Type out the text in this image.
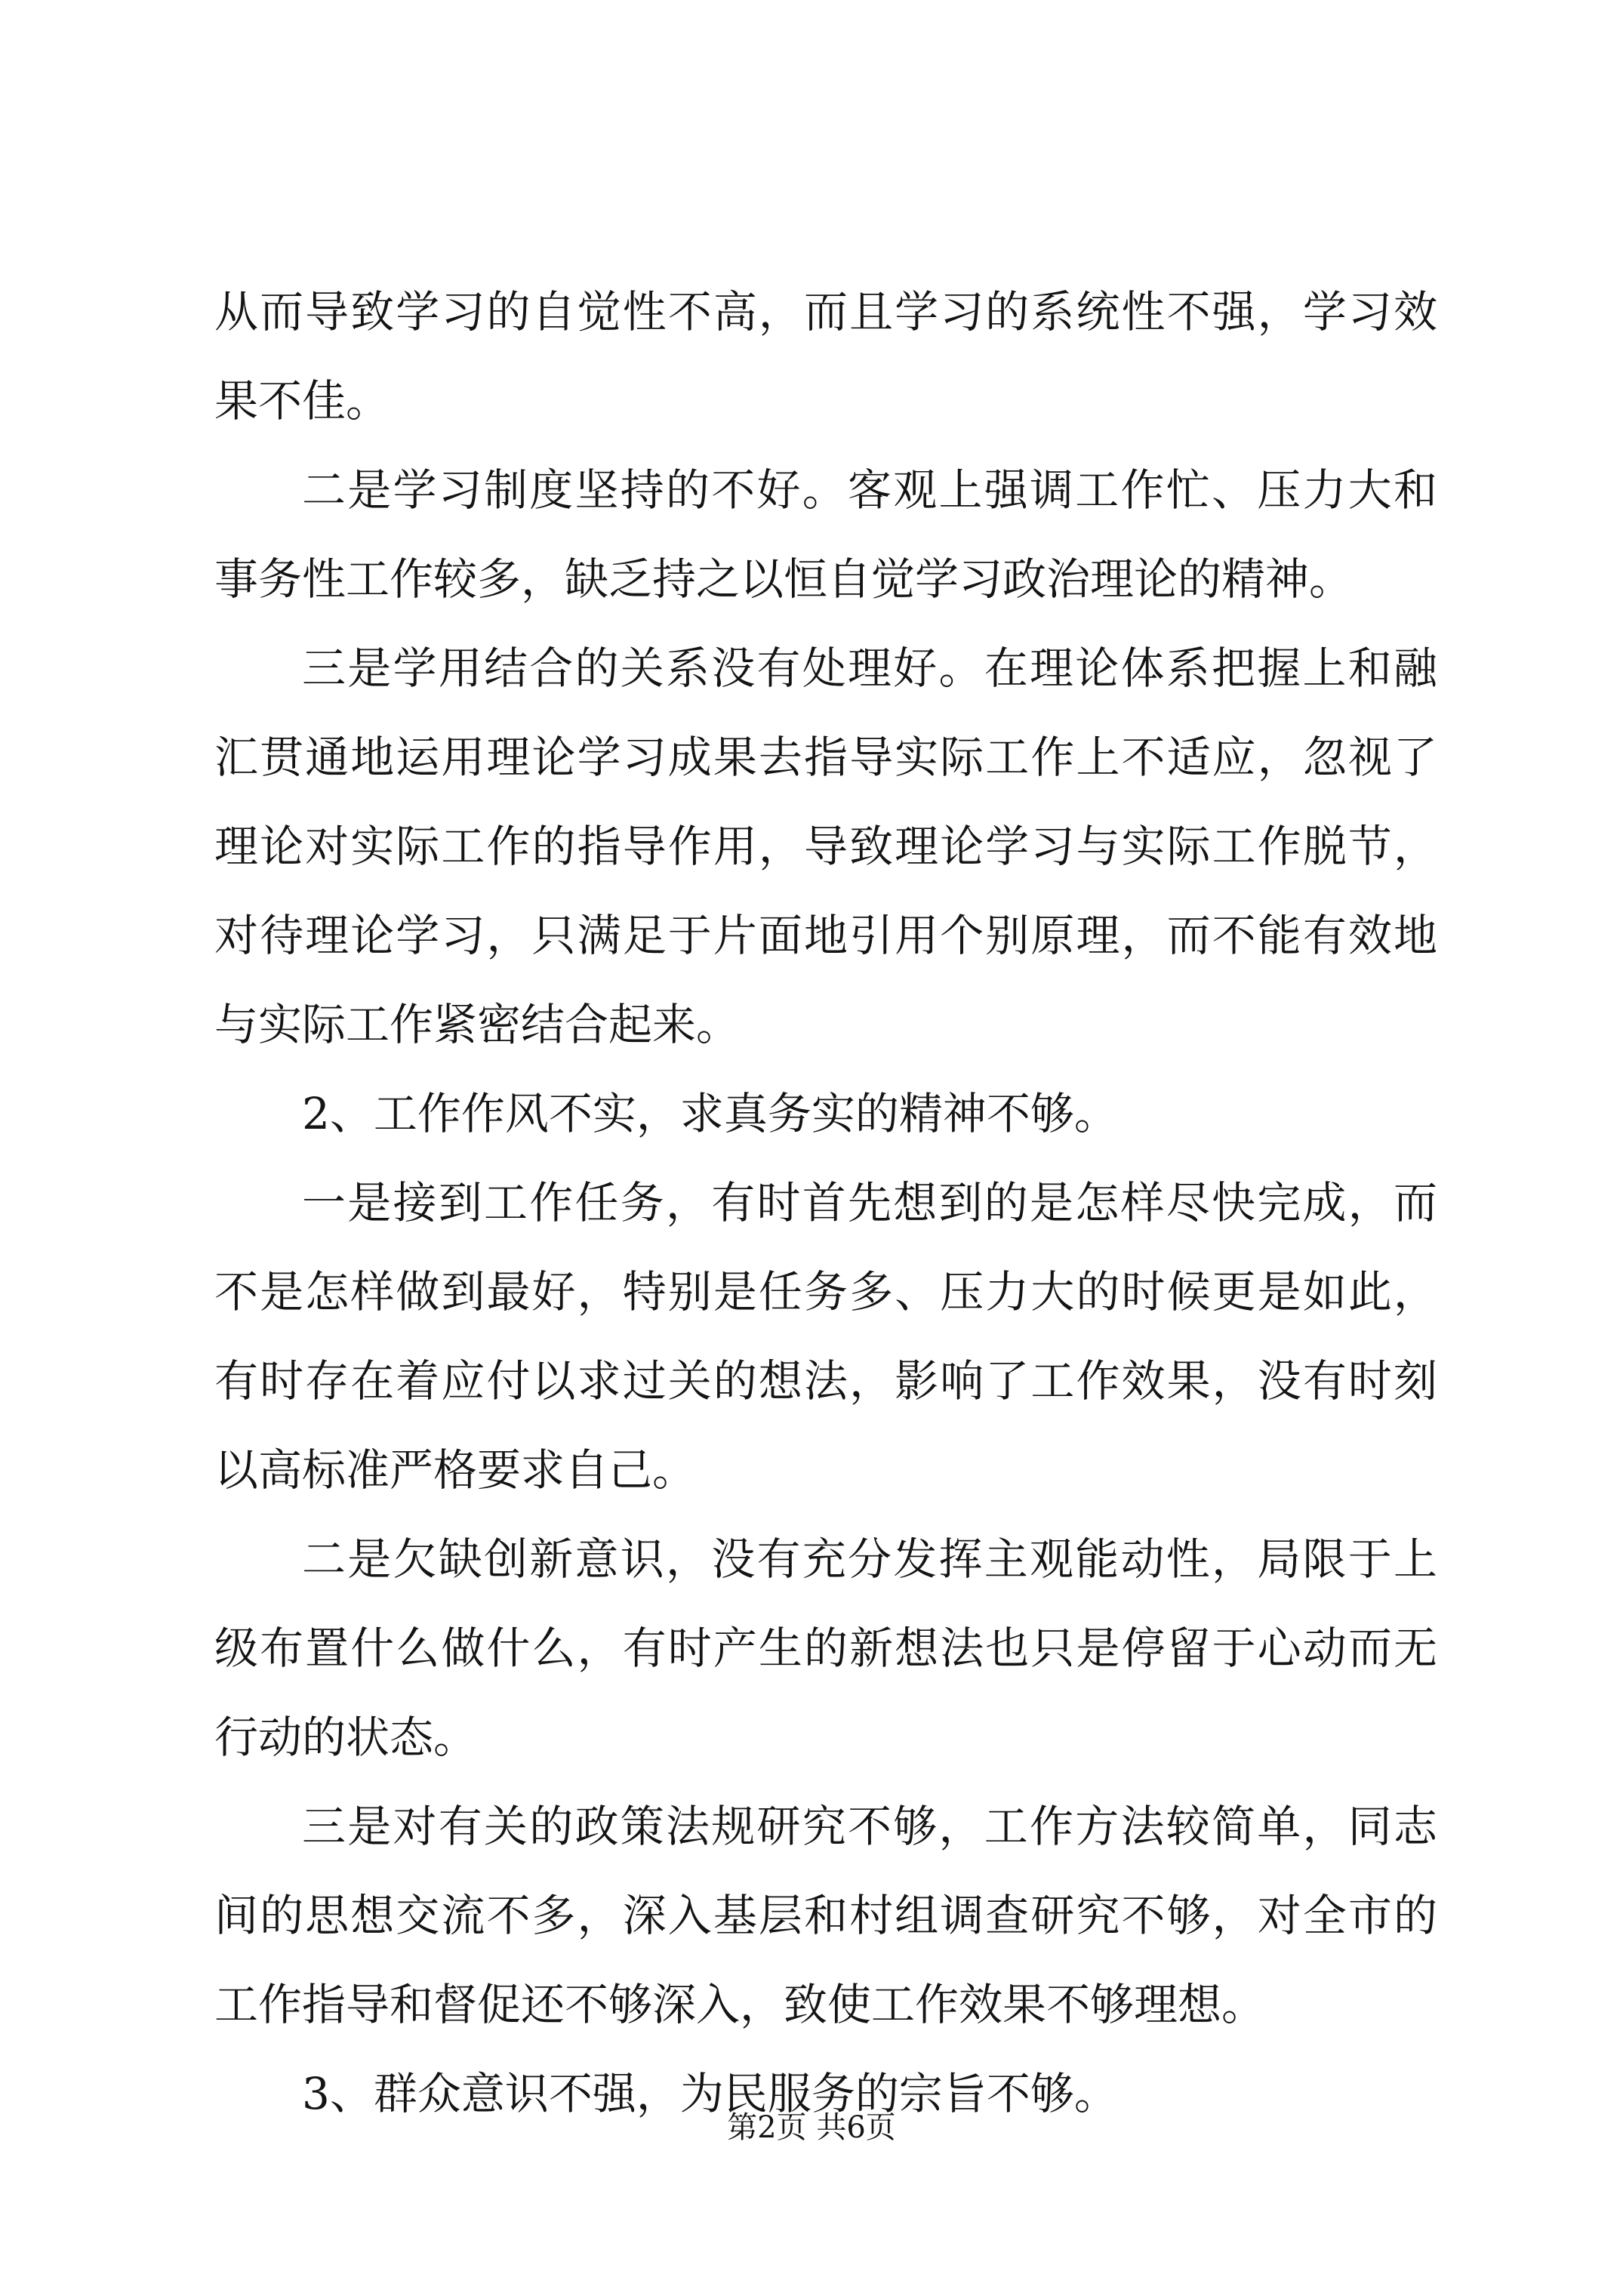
从而导致学习的自觉性不高，而且学习的系统性不强，学习效果不佳。

二是学习制度坚持的不好。客观上强调工作忙、压力大和事务性工作较多，缺乏持之以恒自觉学习政治理论的精神。

三是学用结合的关系没有处理好。在理论体系把握上和融汇贯通地运用理论学习成果去指导实际工作上不适应，忽视了理论对实际工作的指导作用，导致理论学习与实际工作脱节，对待理论学习，只满足于片面地引用个别原理，而不能有效地与实际工作紧密结合起来。

2、工作作风不实，求真务实的精神不够。

一是接到工作任务，有时首先想到的是怎样尽快完成，而不是怎样做到最好，特别是任务多、压力大的时候更是如此，有时存在着应付以求过关的想法，影响了工作效果，没有时刻以高标准严格要求自己。

二是欠缺创新意识，没有充分发挥主观能动性，局限于上级布置什么做什么，有时产生的新想法也只是停留于心动而无行动的状态。

三是对有关的政策法规研究不够，工作方法较简单，同志间的思想交流不多，深入基层和村组调查研究不够，对全市的工作指导和督促还不够深入，致使工作效果不够理想。

3、群众意识不强，为民服务的宗旨不够。

第2页 共6页
